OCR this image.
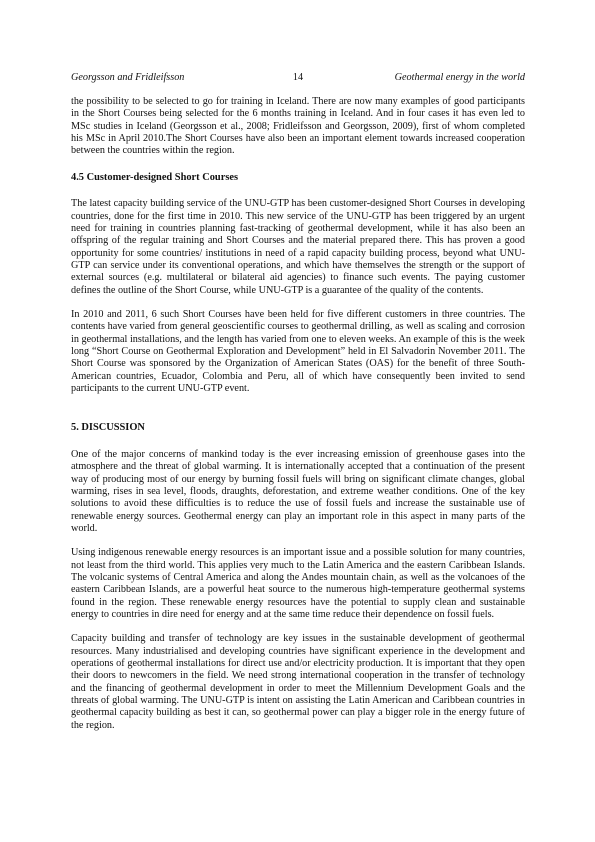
Georgsson and Fridleifsson	14	Geothermal energy in the world

the possibility to be selected to go for training in Iceland. There are now many examples of good participants in the Short Courses being selected for the 6 months training in Iceland. And in four cases it has even led to MSc studies in Iceland (Georgsson et al., 2008; Fridleifsson and Georgsson, 2009), first of whom completed his MSc in April 2010.The Short Courses have also been an important element towards increased cooperation between the countries within the region.

4.5 Customer-designed Short Courses

The latest capacity building service of the UNU-GTP has been customer-designed Short Courses in developing countries, done for the first time in 2010. This new service of the UNU-GTP has been triggered by an urgent need for training in countries planning fast-tracking of geothermal development, while it has also been an offspring of the regular training and Short Courses and the material prepared there. This has proven a good opportunity for some countries/ institutions in need of a rapid capacity building process, beyond what UNU-GTP can service under its conventional operations, and which have themselves the strength or the support of external sources (e.g. multilateral or bilateral aid agencies) to finance such events. The paying customer defines the outline of the Short Course, while UNU-GTP is a guarantee of the quality of the contents.

In 2010 and 2011, 6 such Short Courses have been held for five different customers in three countries. The contents have varied from general geoscientific courses to geothermal drilling, as well as scaling and corrosion in geothermal installations, and the length has varied from one to eleven weeks. An example of this is the week long “Short Course on Geothermal Exploration and Development” held in El Salvadorin November 2011. The Short Course was sponsored by the Organization of American States (OAS) for the benefit of three South-American countries, Ecuador, Colombia and Peru, all of which have consequently been invited to send participants to the current UNU-GTP event.

5. DISCUSSION

One of the major concerns of mankind today is the ever increasing emission of greenhouse gases into the atmosphere and the threat of global warming. It is internationally accepted that a continuation of the present way of producing most of our energy by burning fossil fuels will bring on significant climate changes, global warming, rises in sea level, floods, draughts, deforestation, and extreme weather conditions. One of the key solutions to avoid these difficulties is to reduce the use of fossil fuels and increase the sustainable use of renewable energy sources. Geothermal energy can play an important role in this aspect in many parts of the world.

Using indigenous renewable energy resources is an important issue and a possible solution for many countries, not least from the third world. This applies very much to the Latin America and the eastern Caribbean Islands. The volcanic systems of Central America and along the Andes mountain chain, as well as the volcanoes of the eastern Caribbean Islands, are a powerful heat source to the numerous high-temperature geothermal systems found in the region. These renewable energy resources have the potential to supply clean and sustainable energy to countries in dire need for energy and at the same time reduce their dependence on fossil fuels.

Capacity building and transfer of technology are key issues in the sustainable development of geothermal resources. Many industrialised and developing countries have significant experience in the development and operations of geothermal installations for direct use and/or electricity production. It is important that they open their doors to newcomers in the field. We need strong international cooperation in the transfer of technology and the financing of geothermal development in order to meet the Millennium Development Goals and the threats of global warming. The UNU-GTP is intent on assisting the Latin American and Caribbean countries in geothermal capacity building as best it can, so geothermal power can play a bigger role in the energy future of the region.
